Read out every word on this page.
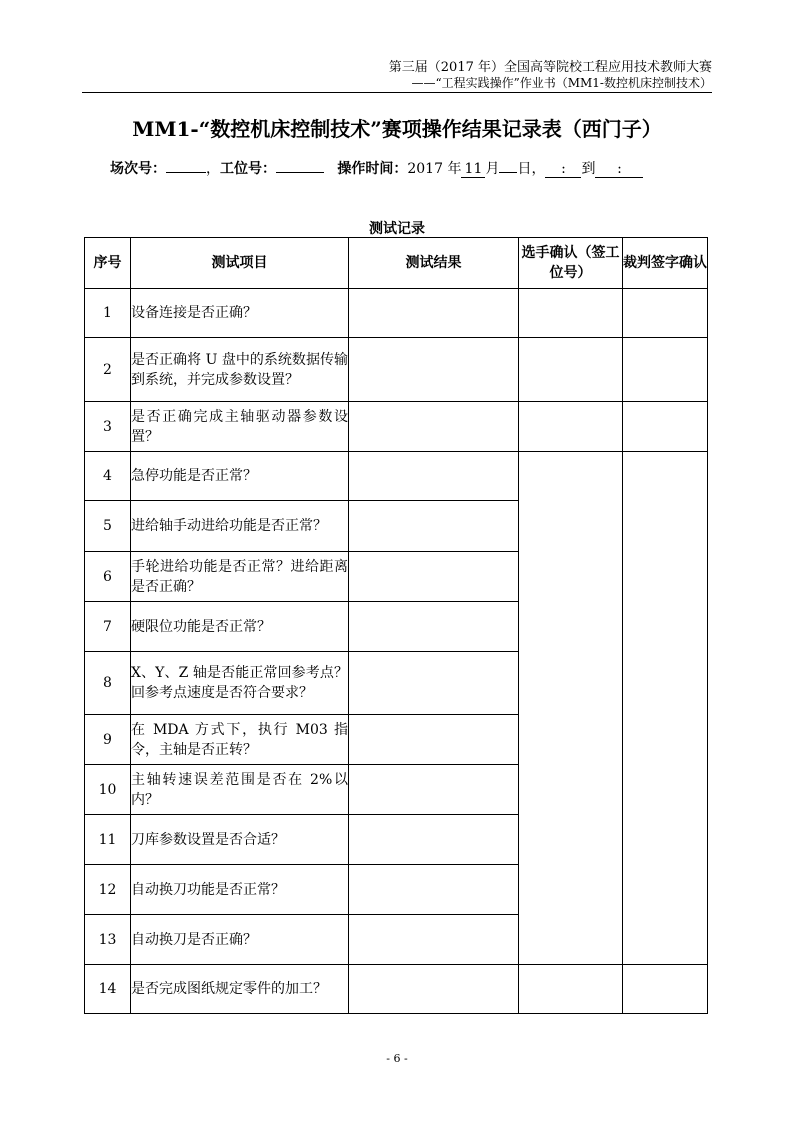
第三届（2017 年）全国高等院校工程应用技术教师大赛
——“工程实践操作”作业书（MM1-数控机床控制技术）
MM1-“数控机床控制技术”赛项操作结果记录表（西门子）
场次号：	，工位号：	操作时间：2017 年 11 月 日， : 到 :
测试记录
序号	测试项目	测试结果	选手确认（签工位号）	裁判签字确认
1	设备连接是否正确？			
2	是否正确将 U 盘中的系统数据传输到系统，并完成参数设置？			
3	是否正确完成主轴驱动器参数设置？			
4	急停功能是否正常？			
5	进给轴手动进给功能是否正常？			
6	手轮进给功能是否正常？进给距离是否正确？			
7	硬限位功能是否正常？			
8	X、Y、Z 轴是否能正常回参考点？回参考点速度是否符合要求？			
9	在 MDA 方式下，执行 M03 指令，主轴是否正转？			
10	主轴转速误差范围是否在 2%以内？			
11	刀库参数设置是否合适？			
12	自动换刀功能是否正常？			
13	自动换刀是否正确？			
14	是否完成图纸规定零件的加工？			
- 6 -
